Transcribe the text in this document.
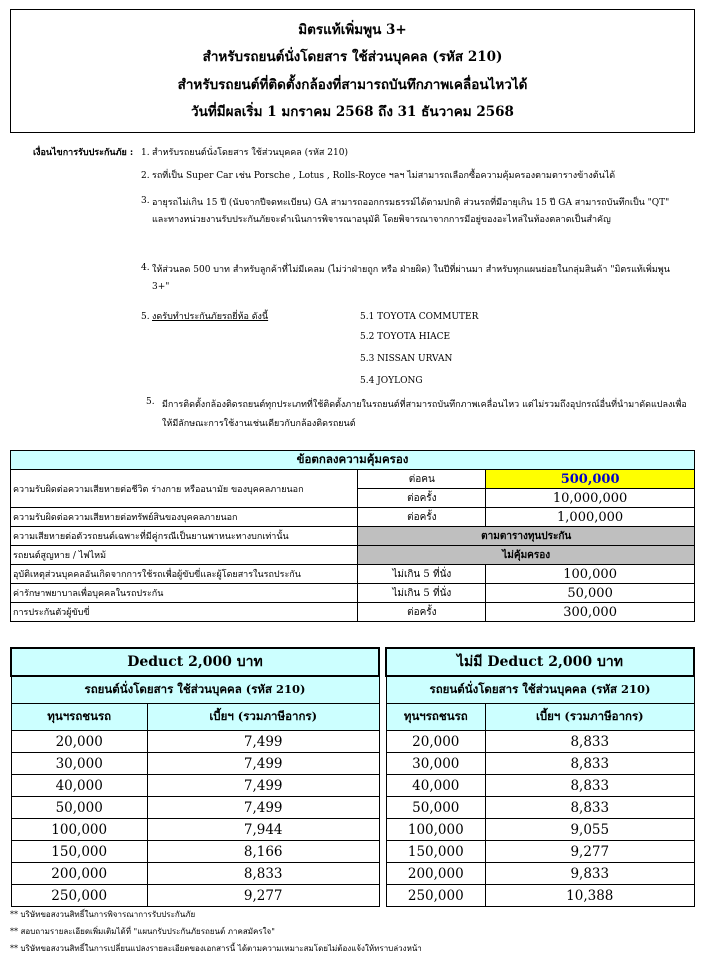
มิตรแท้เพิ่มพูน 3+
สำหรับรถยนต์นั่งโดยสาร ใช้ส่วนบุคคล (รหัส 210)
สำหรับรถยนต์ที่ติดตั้งกล้องที่สามารถบันทึกภาพเคลื่อนไหวได้
วันที่มีผลเริ่ม 1 มกราคม 2568 ถึง 31 ธันวาคม 2568
เงื่อนไขการรับประกันภัย : 1. สำหรับรถยนต์นั่งโดยสาร ใช้ส่วนบุคคล (รหัส 210)
2. รถที่เป็น Super Car เช่น Porsche , Lotus , Rolls-Royce ฯลฯ ไม่สามารถเลือกซื้อความคุ้มครองตามตารางข้างต้นได้
3. อายุรถไม่เกิน 15 ปี (นับจากปีจดทะเบียน) GA สามารถออกกรมธรรม์ได้ตามปกติ ส่วนรถที่มีอายุเกิน 15 ปี GA สามารถบันทึกเป็น "QT" และทางหน่วยงานรับประกันภัยจะดำเนินการพิจารณาอนุมัติ โดยพิจารณาจากการมีอยู่ของอะไหล่ในท้องตลาดเป็นสำคัญ
4. ให้ส่วนลด 500 บาท สำหรับลูกค้าที่ไม่มีเคลม (ไม่ว่าฝ่ายถูก หรือ ฝ่ายผิด) ในปีที่ผ่านมา สำหรับทุกแผนย่อยในกลุ่มสินค้า "มิตรแท้เพิ่มพูน 3+"
5. งดรับทำประกันภัยรถยี่ห้อ ดังนี้	5.1 TOYOTA COMMUTER
5.2 TOYOTA HIACE
5.3 NISSAN URVAN
5.4 JOYLONG
5. มีการติดตั้งกล้องติดรถยนต์ทุกประเภทที่ใช้ติดตั้งภายในรถยนต์ที่สามารถบันทึกภาพเคลื่อนไหว แต่ไม่รวมถึงอุปกรณ์อื่นที่นำมาดัดแปลงเพื่อให้มีลักษณะการใช้งานเช่นเดียวกับกล้องติดรถยนต์
ข้อตกลงความคุ้มครอง		
ความรับผิดต่อความเสียหายต่อชีวิต ร่างกาย หรืออนามัย ของบุคคลภายนอก	ต่อคน	500,000
	ต่อครั้ง	10,000,000
ความรับผิดต่อความเสียหายต่อทรัพย์สินของบุคคลภายนอก	ต่อครั้ง	1,000,000
ความเสียหายต่อตัวรถยนต์เฉพาะที่มีคู่กรณีเป็นยานพาหนะทางบกเท่านั้น	ตามตารางทุนประกัน	
รถยนต์สูญหาย / ไฟไหม้	ไม่คุ้มครอง	
อุบัติเหตุส่วนบุคคลอันเกิดจากการใช้รถเพื่อผู้ขับขี่และผู้โดยสารในรถประกัน	ไม่เกิน 5 ที่นั่ง	100,000
ค่ารักษาพยาบาลเพื่อบุคคลในรถประกัน	ไม่เกิน 5 ที่นั่ง	50,000
การประกันตัวผู้ขับขี่	ต่อครั้ง	300,000
Deduct 2,000 บาท	
รถยนต์นั่งโดยสาร ใช้ส่วนบุคคล (รหัส 210)	
ทุนฯรถชนรถ	เบี้ยฯ (รวมภาษีอากร)
20,000	7,499
30,000	7,499
40,000	7,499
50,000	7,499
100,000	7,944
150,000	8,166
200,000	8,833
250,000	9,277
ไม่มี Deduct 2,000 บาท	
รถยนต์นั่งโดยสาร ใช้ส่วนบุคคล (รหัส 210)	
ทุนฯรถชนรถ	เบี้ยฯ (รวมภาษีอากร)
20,000	8,833
30,000	8,833
40,000	8,833
50,000	8,833
100,000	9,055
150,000	9,277
200,000	9,833
250,000	10,388
** บริษัทขอสงวนสิทธิ์ในการพิจารณาการรับประกันภัย
** สอบถามรายละเอียดเพิ่มเติมได้ที่ "แผนกรับประกันภัยรถยนต์ ภาคสมัครใจ"
** บริษัทขอสงวนสิทธิ์ในการเปลี่ยนแปลงรายละเอียดของเอกสารนี้ ได้ตามความเหมาะสมโดยไม่ต้องแจ้งให้ทราบล่วงหน้า
